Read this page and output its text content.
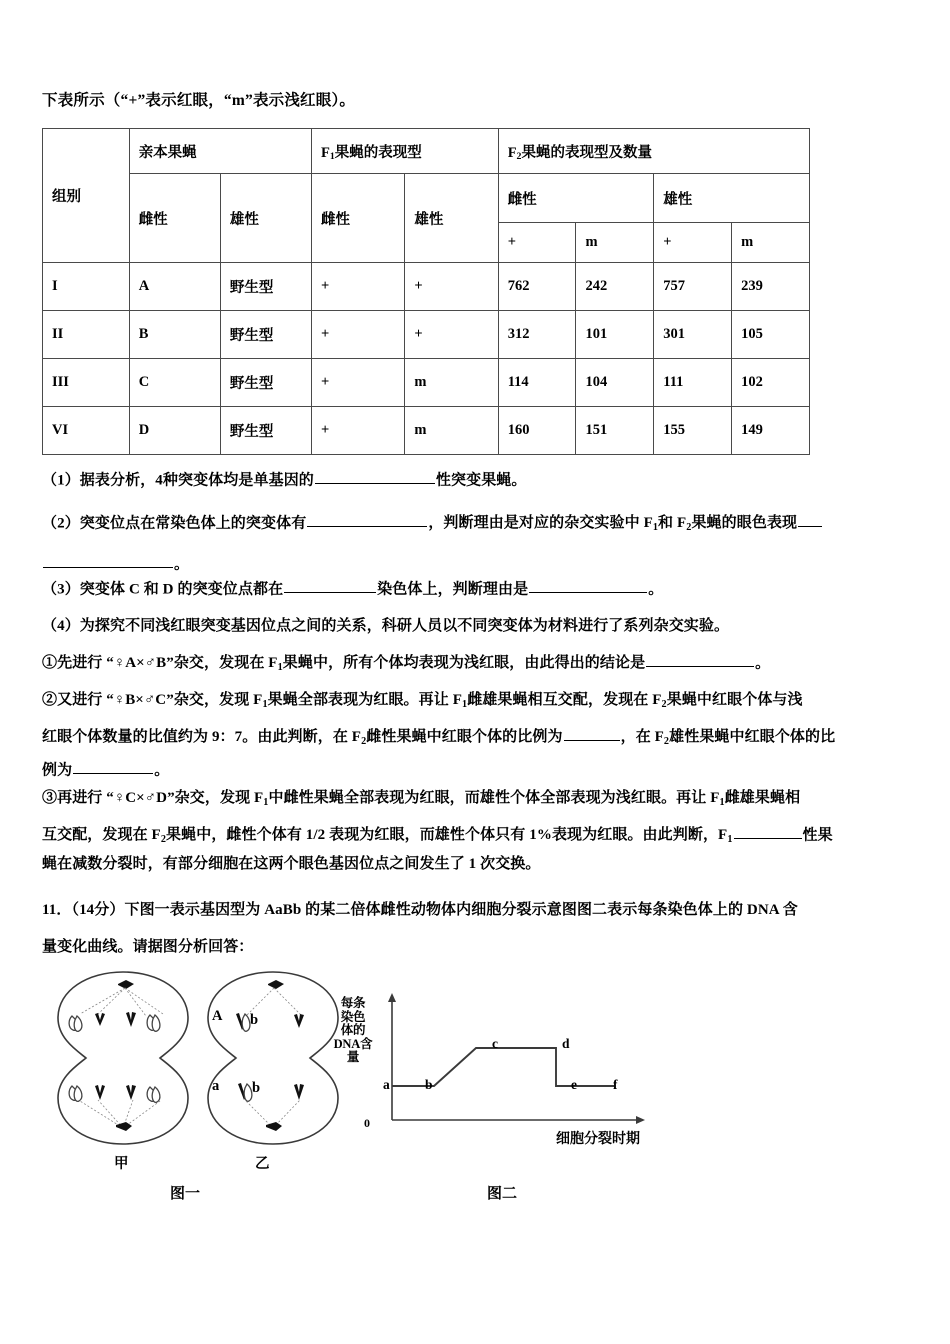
下表所示（“+”表示红眼，“m”表示浅红眼）。
组别	亲本果蝇		$F_1$果蝇的表现型		$F_2$果蝇的表现型及数量			
	雌性	雄性	雌性	雄性	雌性		雄性	
					+	m	+	m
I	A	野生型	+	+	762	242	757	239
II	B	野生型	+	+	312	101	301	105
III	C	野生型	+	m	114	104	111	102
VI	D	野生型	+	m	160	151	155	149
（1）据表分析，4种突变体均是单基因的	性突变果蝇。
（2）突变位点在常染色体上的突变体有	，判断理由是对应的杂交实验中 $F_1$和 $F_2$果蝇的眼色表现
。
（3）突变体 C 和 D 的突变位点都在	染色体上，判断理由是	。
（4）为探究不同浅红眼突变基因位点之间的关系，科研人员以不同突变体为材料进行了系列杂交实验。
①先进行 “♀A×♂B”杂交，发现在 $F_1$果蝇中，所有个体均表现为浅红眼，由此得出的结论是	。
②又进行 “♀B×♂C”杂交，发现 $F_1$果蝇全部表现为红眼。再让 $F_1$雌雄果蝇相互交配，发现在 $F_2$果蝇中红眼个体与浅
红眼个体数量的比值约为 9：7。由此判断，在 $F_2$雌性果蝇中红眼个体的比例为	，在 $F_2$雄性果蝇中红眼个体的比
例为	。
③再进行 “♀C×♂D”杂交，发现 $F_1$中雌性果蝇全部表现为红眼，而雄性个体全部表现为浅红眼。再让 $F_1$雌雄果蝇相
互交配，发现在 $F_2$果蝇中，雌性个体有 1/2 表现为红眼，而雄性个体只有 1%表现为红眼。由此判断，$F_1$	性果
蝇在减数分裂时，有部分细胞在这两个眼色基因位点之间发生了 1 次交换。
11．（14分）下图一表示基因型为 AaBb 的某二倍体雌性动物体内细胞分裂示意图图二表示每条染色体上的 DNA 含
量变化曲线。请据图分析回答：
甲
A b
a b
乙
每条
染色
体的
DNA含
量
a	b
c	d
e	f
0
细胞分裂时期
图一	图二
